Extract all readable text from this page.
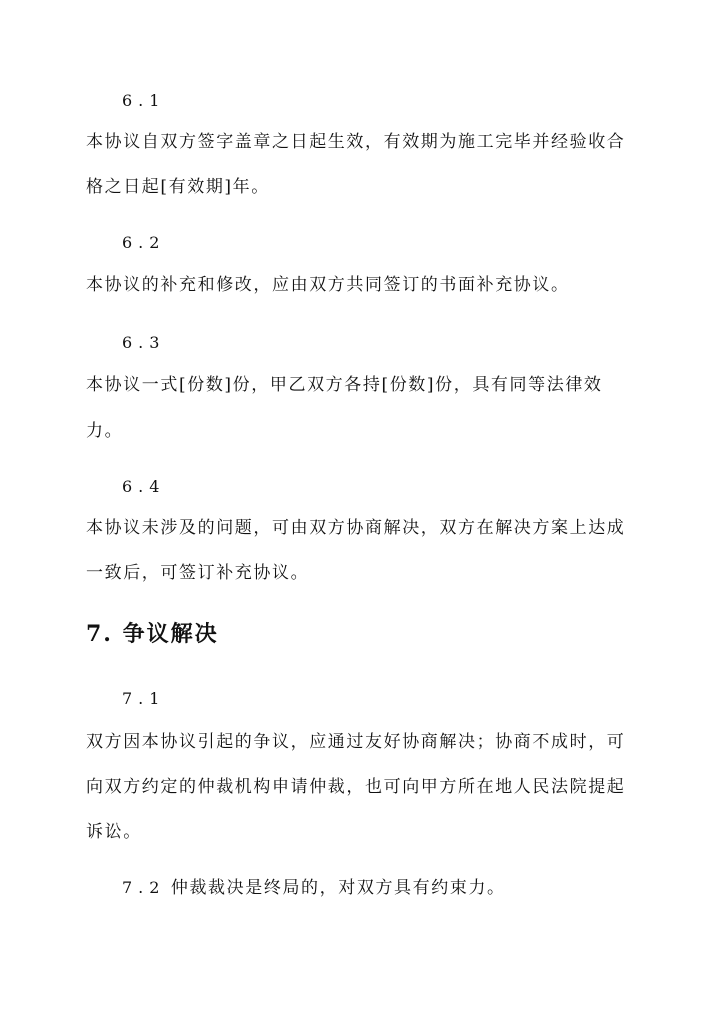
6.1
本协议自双方签字盖章之日起生效，有效期为施工完毕并经验收合
格之日起[有效期]年。
6.2
本协议的补充和修改，应由双方共同签订的书面补充协议。
6.3
本协议一式[份数]份，甲乙双方各持[份数]份，具有同等法律效
力。
6.4
本协议未涉及的问题，可由双方协商解决，双方在解决方案上达成
一致后，可签订补充协议。
7. 争议解决
7.1
双方因本协议引起的争议，应通过友好协商解决；协商不成时，可
向双方约定的仲裁机构申请仲裁，也可向甲方所在地人民法院提起
诉讼。
7.2 仲裁裁决是终局的，对双方具有约束力。
